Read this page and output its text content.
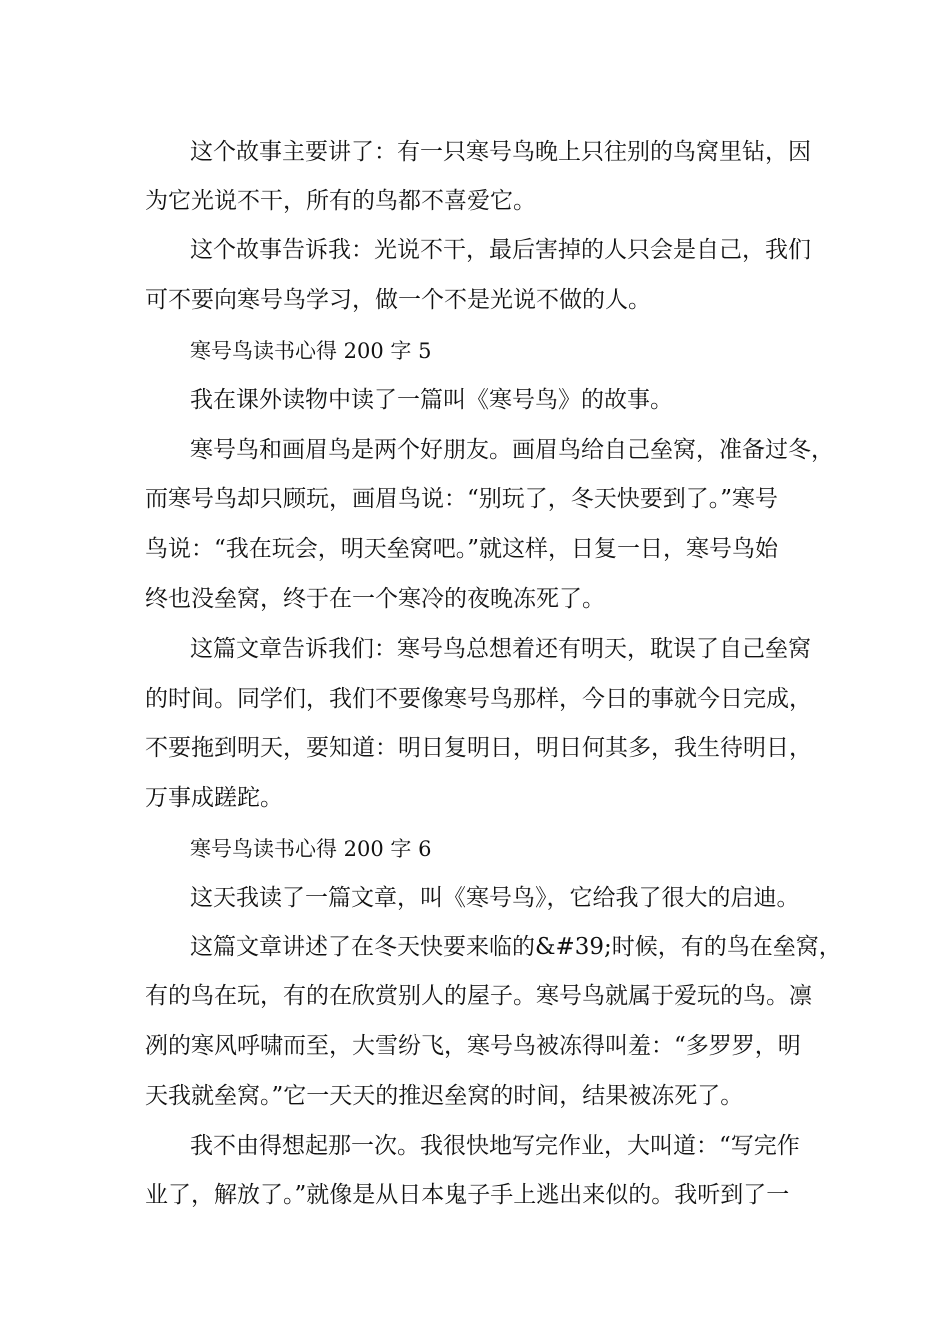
这个故事主要讲了：有一只寒号鸟晚上只往别的鸟窝里钻，因
为它光说不干，所有的鸟都不喜爱它。
这个故事告诉我：光说不干，最后害掉的人只会是自己，我们
可不要向寒号鸟学习，做一个不是光说不做的人。
寒号鸟读书心得 200 字 5
我在课外读物中读了一篇叫《寒号鸟》的故事。
寒号鸟和画眉鸟是两个好朋友。画眉鸟给自己垒窝，准备过冬，
而寒号鸟却只顾玩，画眉鸟说：“别玩了，冬天快要到了。”寒号
鸟说：“我在玩会，明天垒窝吧。”就这样，日复一日，寒号鸟始
终也没垒窝，终于在一个寒冷的夜晚冻死了。
这篇文章告诉我们：寒号鸟总想着还有明天，耽误了自己垒窝
的时间。同学们，我们不要像寒号鸟那样，今日的事就今日完成，
不要拖到明天，要知道：明日复明日，明日何其多，我生待明日，
万事成蹉跎。
寒号鸟读书心得 200 字 6
这天我读了一篇文章，叫《寒号鸟》，它给我了很大的启迪。
这篇文章讲述了在冬天快要来临的&#39;时候，有的鸟在垒窝，
有的鸟在玩，有的在欣赏别人的屋子。寒号鸟就属于爱玩的鸟。凛
冽的寒风呼啸而至，大雪纷飞，寒号鸟被冻得叫羞：“多罗罗，明
天我就垒窝。”它一天天的推迟垒窝的时间，结果被冻死了。
我不由得想起那一次。我很快地写完作业，大叫道：“写完作
业了，解放了。”就像是从日本鬼子手上逃出来似的。我听到了一
